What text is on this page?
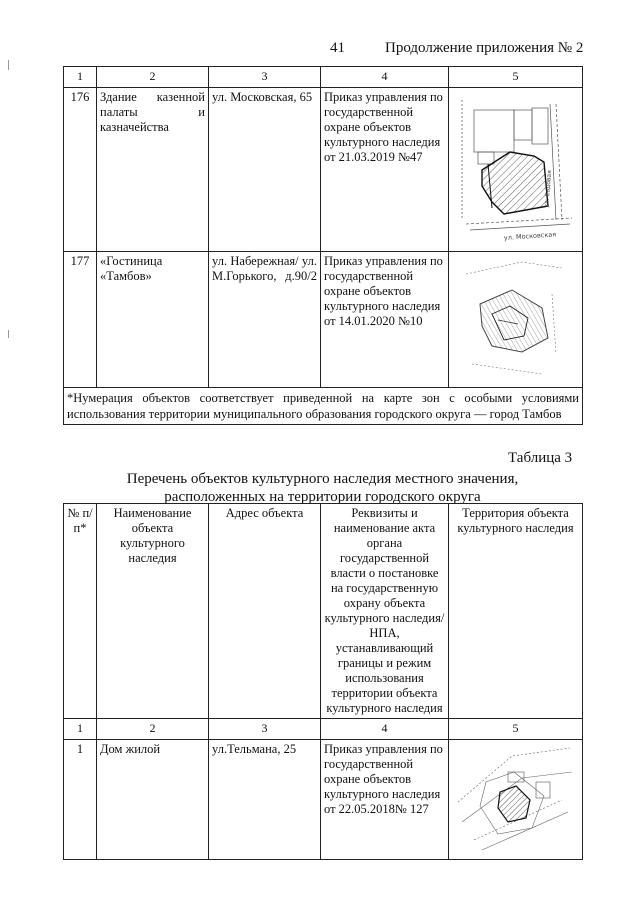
41	Продолжение приложения № 2
1	2	3	4	5
176	Здание казенной палаты и казначейства	ул. Московская, 65	Приказ управления по государственной охране объектов культурного наследия от 21.03.2019 №47	ул. Садовая
ул. Московская

177	«Гостиница «Тамбов»	ул. Набережная/ ул. М.Горького, д.90/2	Приказ управления по государственной охране объектов культурного наследия от 14.01.2020 №10	

*Нумерация объектов соответствует приведенной на карте зон с особыми условиями использования территории муниципального образования городского округа — город Тамбов				
Таблица 3
Перечень объектов культурного наследия местного значения,
расположенных на территории городского округа
№ п/п*	Наименование объекта культурного наследия	Адрес объекта	Реквизиты и наименование акта органа государственной власти о постановке на государственную охрану объекта культурного наследия/ НПА, устанавливающий границы и режим использования территории объекта культурного наследия	Территория объекта культурного наследия
1	2	3	4	5
1	Дом жилой	ул.Тельмана, 25	Приказ управления по государственной охране объектов культурного наследия от 22.05.2018№ 127	
